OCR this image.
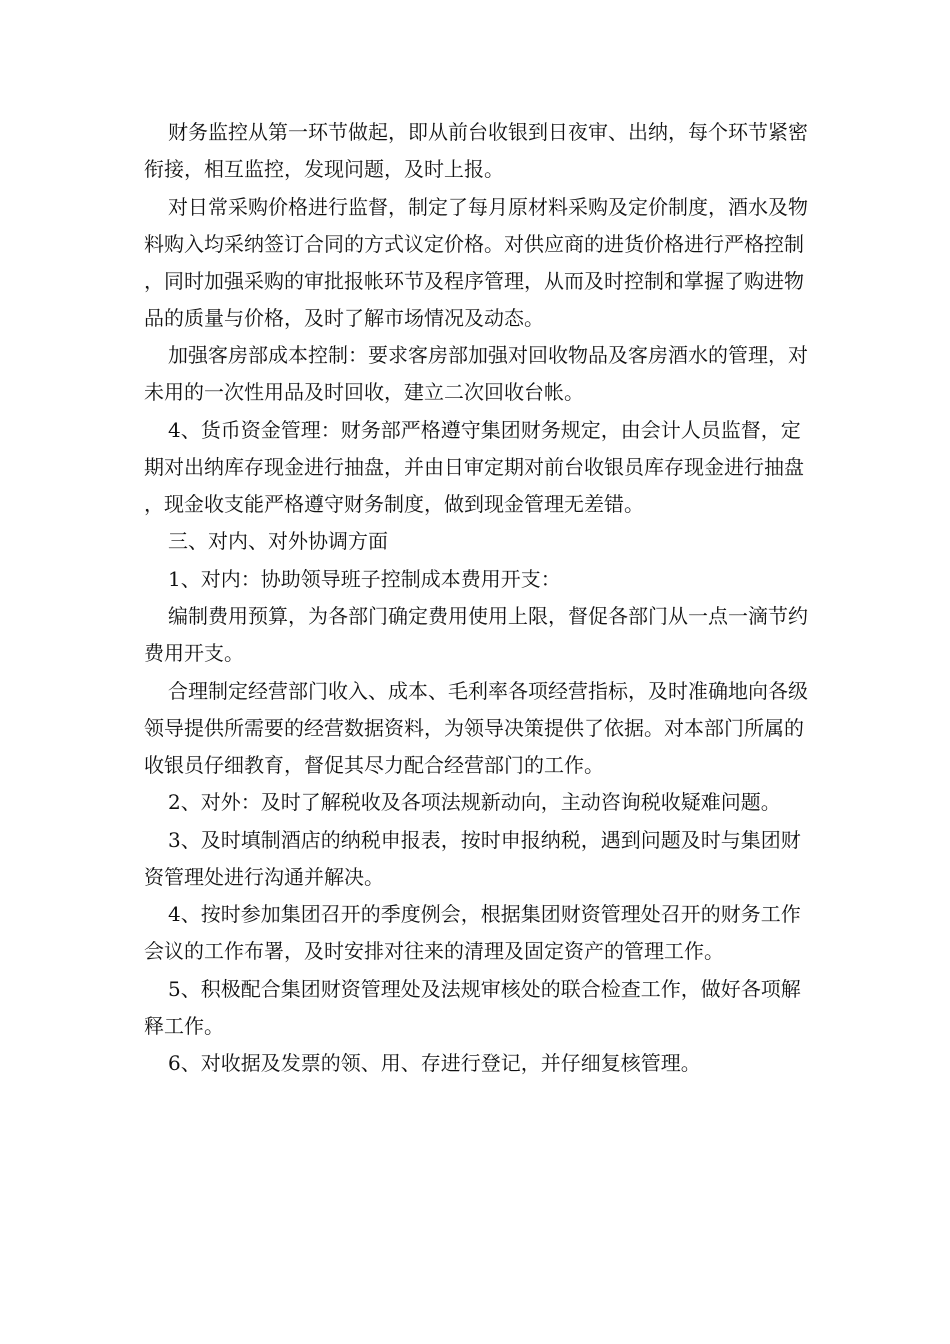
财务监控从第一环节做起，即从前台收银到日夜审、出纳，每个环节紧密衔接，相互监控，发现问题，及时上报。

对日常采购价格进行监督，制定了每月原材料采购及定价制度，酒水及物料购入均采纳签订合同的方式议定价格。对供应商的进货价格进行严格控制，同时加强采购的审批报帐环节及程序管理，从而及时控制和掌握了购进物品的质量与价格，及时了解市场情况及动态。

加强客房部成本控制：要求客房部加强对回收物品及客房酒水的管理，对未用的一次性用品及时回收，建立二次回收台帐。

4、货币资金管理：财务部严格遵守集团财务规定，由会计人员监督，定期对出纳库存现金进行抽盘，并由日审定期对前台收银员库存现金进行抽盘，现金收支能严格遵守财务制度，做到现金管理无差错。

三、对内、对外协调方面

1、对内：协助领导班子控制成本费用开支：

编制费用预算，为各部门确定费用使用上限，督促各部门从一点一滴节约费用开支。

合理制定经营部门收入、成本、毛利率各项经营指标，及时准确地向各级领导提供所需要的经营数据资料，为领导决策提供了依据。对本部门所属的收银员仔细教育，督促其尽力配合经营部门的工作。

2、对外：及时了解税收及各项法规新动向，主动咨询税收疑难问题。

3、及时填制酒店的纳税申报表，按时申报纳税，遇到问题及时与集团财资管理处进行沟通并解决。

4、按时参加集团召开的季度例会，根据集团财资管理处召开的财务工作会议的工作布署，及时安排对往来的清理及固定资产的管理工作。

5、积极配合集团财资管理处及法规审核处的联合检查工作，做好各项解释工作。

6、对收据及发票的领、用、存进行登记，并仔细复核管理。
